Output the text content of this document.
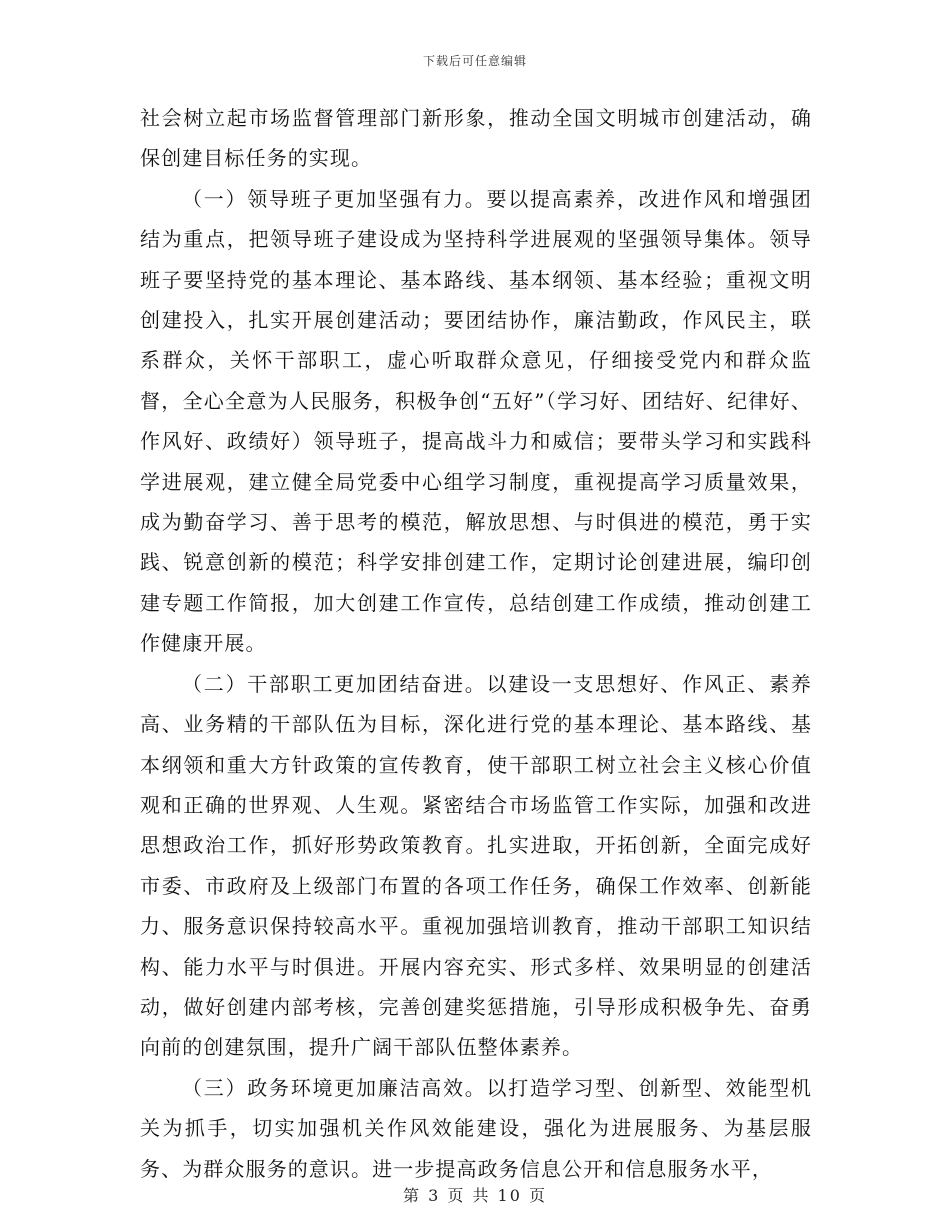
下载后可任意编辑

社会树立起市场监督管理部门新形象，推动全国文明城市创建活动，确保创建目标任务的实现。

（一）领导班子更加坚强有力。要以提高素养，改进作风和增强团结为重点，把领导班子建设成为坚持科学进展观的坚强领导集体。领导班子要坚持党的基本理论、基本路线、基本纲领、基本经验；重视文明创建投入，扎实开展创建活动；要团结协作，廉洁勤政，作风民主，联系群众，关怀干部职工，虚心听取群众意见，仔细接受党内和群众监督，全心全意为人民服务，积极争创“五好”（学习好、团结好、纪律好、作风好、政绩好）领导班子，提高战斗力和威信；要带头学习和实践科学进展观，建立健全局党委中心组学习制度，重视提高学习质量效果，成为勤奋学习、善于思考的模范，解放思想、与时俱进的模范，勇于实践、锐意创新的模范；科学安排创建工作，定期讨论创建进展，编印创建专题工作简报，加大创建工作宣传，总结创建工作成绩，推动创建工作健康开展。

（二）干部职工更加团结奋进。以建设一支思想好、作风正、素养高、业务精的干部队伍为目标，深化进行党的基本理论、基本路线、基本纲领和重大方针政策的宣传教育，使干部职工树立社会主义核心价值观和正确的世界观、人生观。紧密结合市场监管工作实际，加强和改进思想政治工作，抓好形势政策教育。扎实进取，开拓创新，全面完成好市委、市政府及上级部门布置的各项工作任务，确保工作效率、创新能力、服务意识保持较高水平。重视加强培训教育，推动干部职工知识结构、能力水平与时俱进。开展内容充实、形式多样、效果明显的创建活动，做好创建内部考核，完善创建奖惩措施，引导形成积极争先、奋勇向前的创建氛围，提升广阔干部队伍整体素养。

（三）政务环境更加廉洁高效。以打造学习型、创新型、效能型机关为抓手，切实加强机关作风效能建设，强化为进展服务、为基层服务、为群众服务的意识。进一步提高政务信息公开和信息服务水平，

第 3 页 共 10 页
